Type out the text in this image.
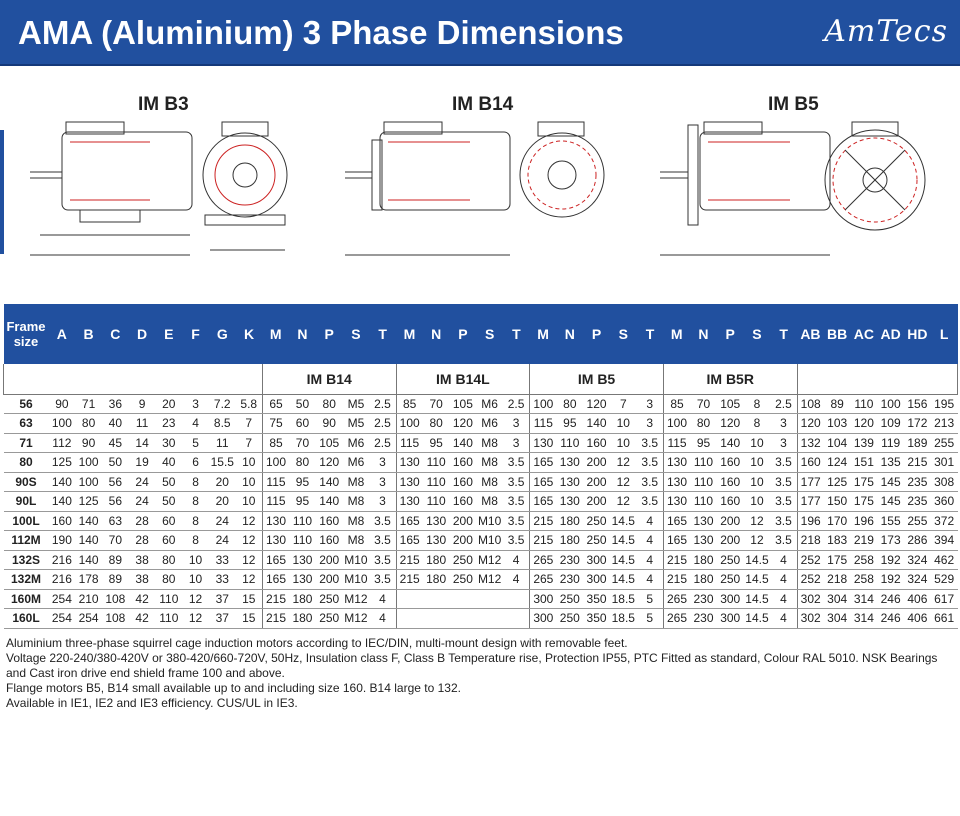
AMA (Aluminium) 3 Phase Dimensions	AmTecs
IM B3	IM B14	IM B5
Frame
size	A	B	C	D	E	F	G	K	M	N	P	S	T	M	N	P	S	T	M	N	P	S	T	M	N	P	S	T	AB	BB	AC	AD	HD	L
									IM B14					IM B14L					IM B5					IM B5R										
56	90	71	36	9	20	3	7.2	5.8	65	50	80	M5	2.5	85	70	105	M6	2.5	100	80	120	7	3	85	70	105	8	2.5	108	89	110	100	156	195
63	100	80	40	11	23	4	8.5	7	75	60	90	M5	2.5	100	80	120	M6	3	115	95	140	10	3	100	80	120	8	3	120	103	120	109	172	213
71	112	90	45	14	30	5	11	7	85	70	105	M6	2.5	115	95	140	M8	3	130	110	160	10	3.5	115	95	140	10	3	132	104	139	119	189	255
80	125	100	50	19	40	6	15.5	10	100	80	120	M6	3	130	110	160	M8	3.5	165	130	200	12	3.5	130	110	160	10	3.5	160	124	151	135	215	301
90S	140	100	56	24	50	8	20	10	115	95	140	M8	3	130	110	160	M8	3.5	165	130	200	12	3.5	130	110	160	10	3.5	177	125	175	145	235	308
90L	140	125	56	24	50	8	20	10	115	95	140	M8	3	130	110	160	M8	3.5	165	130	200	12	3.5	130	110	160	10	3.5	177	150	175	145	235	360
100L	160	140	63	28	60	8	24	12	130	110	160	M8	3.5	165	130	200	M10	3.5	215	180	250	14.5	4	165	130	200	12	3.5	196	170	196	155	255	372
112M	190	140	70	28	60	8	24	12	130	110	160	M8	3.5	165	130	200	M10	3.5	215	180	250	14.5	4	165	130	200	12	3.5	218	183	219	173	286	394
132S	216	140	89	38	80	10	33	12	165	130	200	M10	3.5	215	180	250	M12	4	265	230	300	14.5	4	215	180	250	14.5	4	252	175	258	192	324	462
132M	216	178	89	38	80	10	33	12	165	130	200	M10	3.5	215	180	250	M12	4	265	230	300	14.5	4	215	180	250	14.5	4	252	218	258	192	324	529
160M	254	210	108	42	110	12	37	15	215	180	250	M12	4						300	250	350	18.5	5	265	230	300	14.5	4	302	304	314	246	406	617
160L	254	254	108	42	110	12	37	15	215	180	250	M12	4						300	250	350	18.5	5	265	230	300	14.5	4	302	304	314	246	406	661
Aluminium three-phase squirrel cage induction motors according to IEC/DIN, multi-mount design with removable feet.
Voltage 220-240/380-420V or 380-420/660-720V, 50Hz, Insulation class F, Class B Temperature rise, Protection IP55, PTC Fitted as standard, Colour RAL 5010. NSK Bearings and Cast iron drive end shield frame 100 and above.
Flange motors B5, B14 small available up to and including size 160. B14 large to 132.
Available in IE1, IE2 and IE3 efficiency. CUS/UL in IE3.
